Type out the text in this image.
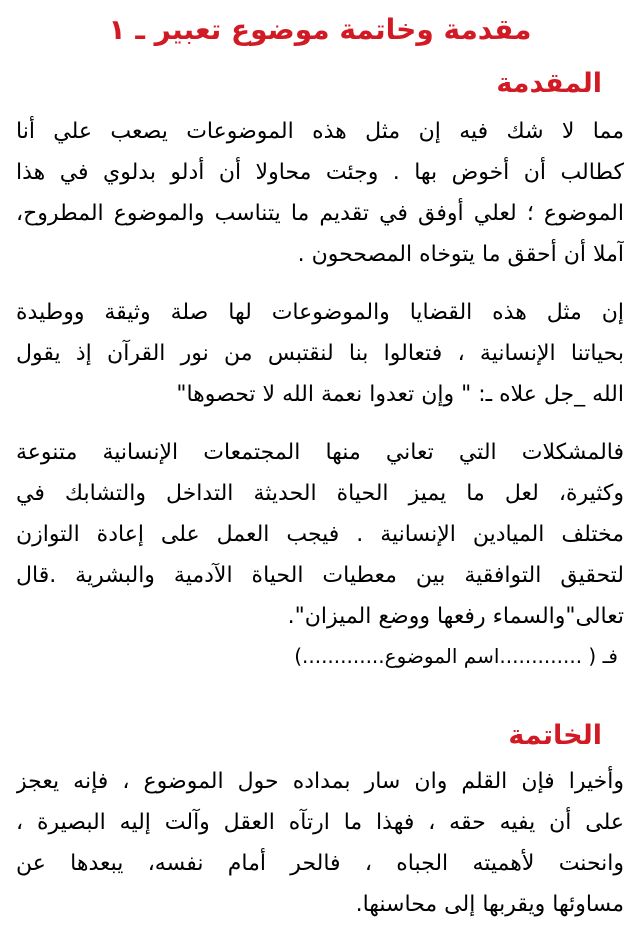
مقدمة وخاتمة موضوع تعبير ـ ١
المقدمة
مما لا شك فيه إن مثل هذه الموضوعات يصعب علي أنا
كطالب أن أخوض بها . وجئت محاولا أن أدلو بدلوي في هذا
الموضوع ؛ لعلي أوفق في تقديم ما يتناسب والموضوع المطروح،
آملا أن أحقق ما يتوخاه المصححون .
إن مثل هذه القضايا والموضوعات لها صلة وثيقة ووطيدة
بحياتنا الإنسانية ، فتعالوا بنا لنقتبس من نور القرآن إذ يقول
الله _جل علاه ـ: " وإن تعدوا نعمة الله لا تحصوها"
فالمشكلات التي تعاني منها المجتمعات الإنسانية متنوعة
وكثيرة، لعل ما يميز الحياة الحديثة التداخل والتشابك في
مختلف الميادين الإنسانية . فيجب العمل على إعادة التوازن
لتحقيق التوافقية بين معطيات الحياة الآدمية والبشرية .قال
تعالى"والسماء رفعها ووضع الميزان".
فـ ( .............اسم الموضوع.............)
الخاتمة
وأخيرا فإن القلم وان سار بمداده حول الموضوع ، فإنه يعجز
على أن يفيه حقه ، فهذا ما ارتآه العقل وآلت إليه البصيرة ،
وانحنت لأهميته الجباه ، فالحر أمام نفسه، يبعدها عن
مساوئها ويقربها إلى محاسنها.
